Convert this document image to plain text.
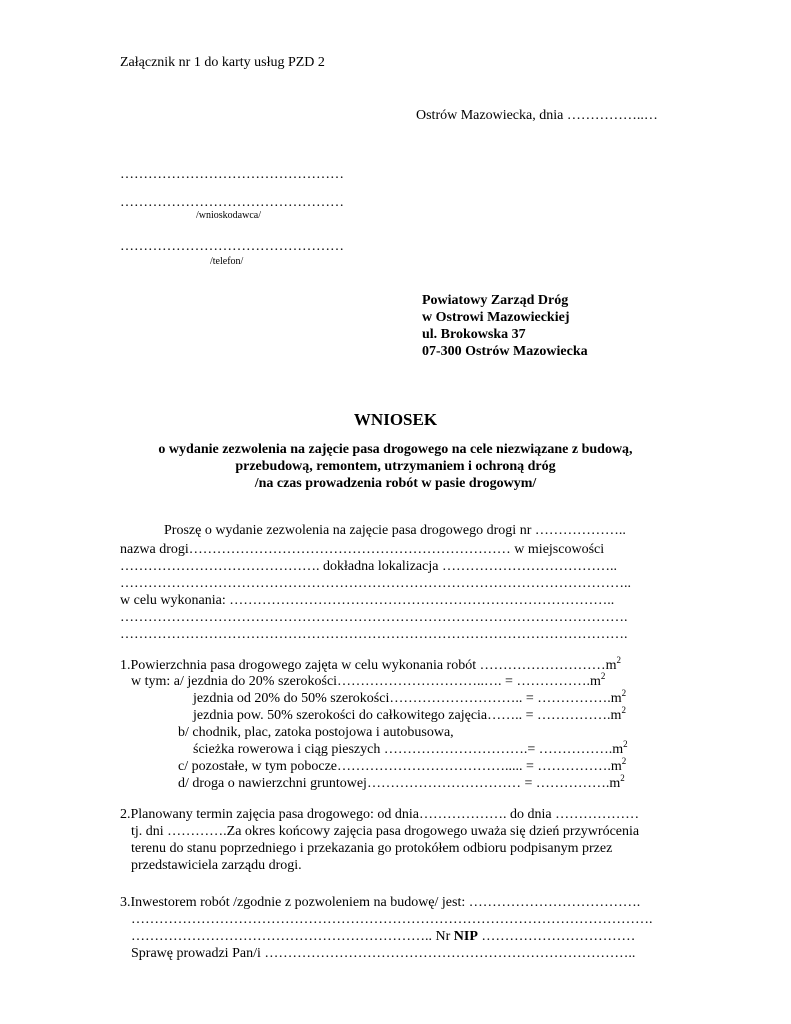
Załącznik nr 1 do karty usług PZD 2
Ostrów Mazowiecka, dnia ……………..…
…………………………………………
…………………………………………
/wnioskodawca/
…………………………………………
/telefon/
Powiatowy Zarząd Dróg
w Ostrowi Mazowieckiej
ul. Brokowska 37
07-300 Ostrów Mazowiecka
WNIOSEK
o wydanie zezwolenia na zajęcie pasa drogowego na cele niezwiązane z budową,
przebudową, remontem, utrzymaniem i ochroną dróg
/na czas prowadzenia robót w pasie drogowym/
Proszę o wydanie zezwolenia na zajęcie pasa drogowego drogi nr ………………..
nazwa drogi…………………………………………………………… w miejscowości
……………………………………. dokładna lokalizacja ………………………………..
………………………………………………………………………………………………..
w celu wykonania: ………………………………………………………………………..
……………………………………………………………………………………………….
……………………………………………………………………………………………….
1.Powierzchnia pasa drogowego zajęta w celu wykonania robót $\dots\dots\dots\dots\dots\dots\dots\dots\dots m^2$
w tym: a/ jezdnia do 20% szerokości…………………………..…. = $\dots\dots\dots\dots\dots.m^2$
jezdnia od 20% do 50% szerokości……………………….. = $\dots\dots\dots\dots\dots.m^2$
jezdnia pow. 50% szerokości do całkowitego zajęcia…….. = $\dots\dots\dots\dots\dots.m^2$
b/ chodnik, plac, zatoka postojowa i autobusowa,
ścieżka rowerowa i ciąg pieszych ………………………….= $\dots\dots\dots\dots\dots.m^2$
c/ pozostałe, w tym pobocze………………………………..... = $\dots\dots\dots\dots\dots.m^2$
d/ droga o nawierzchni gruntowej…………………………… = $\dots\dots\dots\dots\dots.m^2$
2.Planowany termin zajęcia pasa drogowego: od dnia………………. do dnia ………………
tj. dni ………….Za okres końcowy zajęcia pasa drogowego uważa się dzień przywrócenia
terenu do stanu poprzedniego i przekazania go protokółem odbioru podpisanym przez
przedstawiciela zarządu drogi.
3.Inwestorem robót /zgodnie z pozwoleniem na budowę/ jest: ……………………………….
………………………………………………………………………………………………….
……………………………………………………….. Nr NIP ……………………………
Sprawę prowadzi Pan/i ……………………………………………………………………..
